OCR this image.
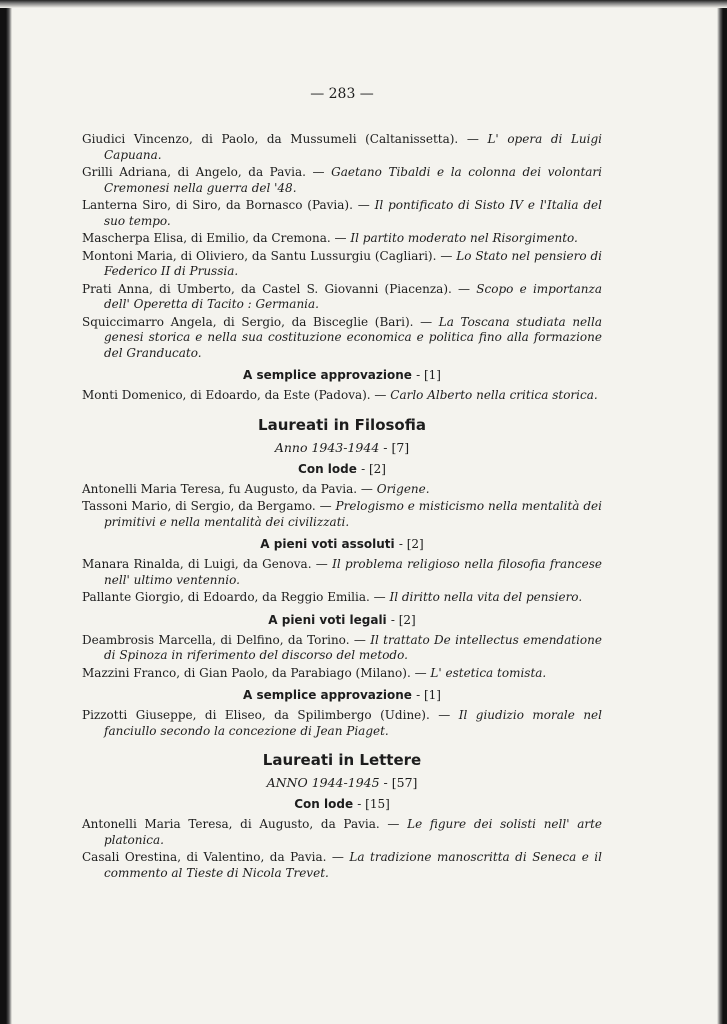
— 283 —

Giudici Vincenzo, di Paolo, da Mussumeli (Caltanissetta). — L' opera di Luigi Capuana.

Grilli Adriana, di Angelo, da Pavia. — Gaetano Tibaldi e la colonna dei volontari Cremonesi nella guerra del '48.

Lanterna Siro, di Siro, da Bornasco (Pavia). — Il pontificato di Sisto IV e l'Italia del suo tempo.

Mascherpa Elisa, di Emilio, da Cremona. — Il partito moderato nel Risorgimento.

Montoni Maria, di Oliviero, da Santu Lussurgiu (Cagliari). — Lo Stato nel pensiero di Federico II di Prussia.

Prati Anna, di Umberto, da Castel S. Giovanni (Piacenza). — Scopo e importanza dell' Operetta di Tacito : Germania.

Squiccimarro Angela, di Sergio, da Bisceglie (Bari). — La Toscana studiata nella genesi storica e nella sua costituzione economica e politica fino alla formazione del Granducato.

A semplice approvazione - [1]

Monti Domenico, di Edoardo, da Este (Padova). — Carlo Alberto nella critica storica.

Laureati in Filosofia
Anno 1943-1944 - [7]
Con lode - [2]

Antonelli Maria Teresa, fu Augusto, da Pavia. — Origene.

Tassoni Mario, di Sergio, da Bergamo. — Prelogismo e misticismo nella mentalità dei primitivi e nella mentalità dei civilizzati.

A pieni voti assoluti - [2]

Manara Rinalda, di Luigi, da Genova. — Il problema religioso nella filosofia francese nell' ultimo ventennio.

Pallante Giorgio, di Edoardo, da Reggio Emilia. — Il diritto nella vita del pensiero.

A pieni voti legali - [2]

Deambrosis Marcella, di Delfino, da Torino. — Il trattato De intellectus emendatione di Spinoza in riferimento del discorso del metodo.

Mazzini Franco, di Gian Paolo, da Parabiago (Milano). — L' estetica tomista.

A semplice approvazione - [1]

Pizzotti Giuseppe, di Eliseo, da Spilimbergo (Udine). — Il giudizio morale nel fanciullo secondo la concezione di Jean Piaget.

Laureati in Lettere
ANNO 1944-1945 - [57]
Con lode - [15]

Antonelli Maria Teresa, di Augusto, da Pavia. — Le figure dei solisti nell' arte platonica.

Casali Orestina, di Valentino, da Pavia. — La tradizione manoscritta di Seneca e il commento al Tieste di Nicola Trevet.
